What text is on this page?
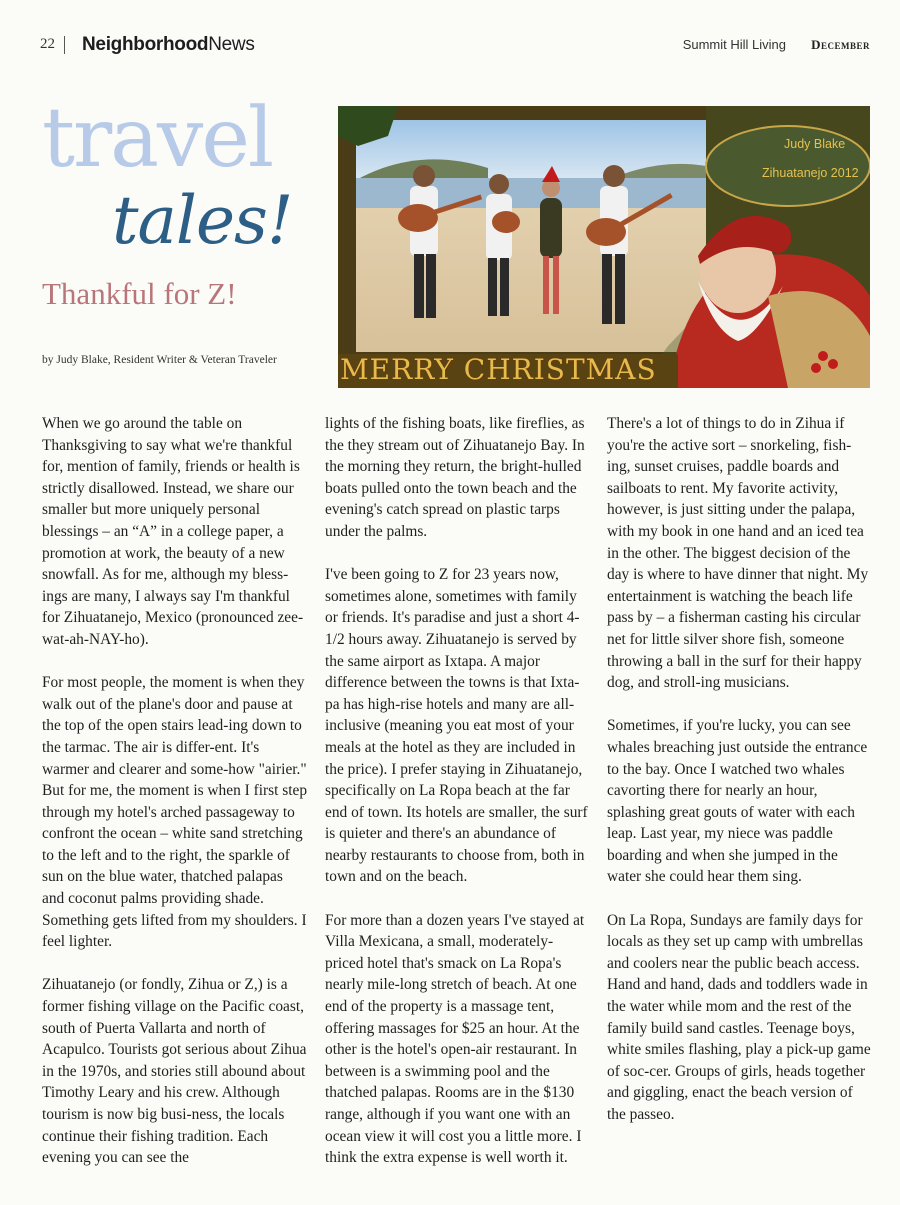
22 NeighborhoodNews	Summit Hill Living December
travel
tales!
Thankful for Z!
by Judy Blake, Resident Writer & Veteran Traveler
Judy Blake
Zihuatanejo 2012
MERRY CHRISTMAS

When we go around the table on Thanksgiving to say what we're thankful for, mention of family, friends or health is strictly disallowed. Instead, we share our smaller but more uniquely personal blessings – an “A” in a college paper, a promotion at work, the beauty of a new snowfall. As for me, although my bless-ings are many, I always say I'm thankful for Zihuatanejo, Mexico (pronounced zee-wat-ah-NAY-ho).

For most people, the moment is when they walk out of the plane's door and pause at the top of the open stairs lead-ing down to the tarmac. The air is differ-ent. It's warmer and clearer and some-how "airier." But for me, the moment is when I first step through my hotel's arched passageway to confront the ocean – white sand stretching to the left and to the right, the sparkle of sun on the blue water, thatched palapas and coconut palms providing shade. Something gets lifted from my shoulders. I feel lighter.

Zihuatanejo (or fondly, Zihua or Z,) is a former fishing village on the Pacific coast, south of Puerta Vallarta and north of Acapulco. Tourists got serious about Zihua in the 1970s, and stories still abound about Timothy Leary and his crew. Although tourism is now big busi-ness, the locals continue their fishing tradition. Each evening you can see the

lights of the fishing boats, like fireflies, as the they stream out of Zihuatanejo Bay. In the morning they return, the bright-hulled boats pulled onto the town beach and the evening's catch spread on plastic tarps under the palms.

I've been going to Z for 23 years now, sometimes alone, sometimes with family or friends. It's paradise and just a short 4-1/2 hours away. Zihuatanejo is served by the same airport as Ixtapa. A major difference between the towns is that Ixta-pa has high-rise hotels and many are all-inclusive (meaning you eat most of your meals at the hotel as they are included in the price). I prefer staying in Zihuatanejo, specifically on La Ropa beach at the far end of town. Its hotels are smaller, the surf is quieter and there's an abundance of nearby restaurants to choose from, both in town and on the beach.

For more than a dozen years I've stayed at Villa Mexicana, a small, moderately-priced hotel that's smack on La Ropa's nearly mile-long stretch of beach. At one end of the property is a massage tent, offering massages for $25 an hour. At the other is the hotel's open-air restaurant. In between is a swimming pool and the thatched palapas. Rooms are in the $130 range, although if you want one with an ocean view it will cost you a little more. I think the extra expense is well worth it.

There's a lot of things to do in Zihua if you're the active sort – snorkeling, fish-ing, sunset cruises, paddle boards and sailboats to rent. My favorite activity, however, is just sitting under the palapa, with my book in one hand and an iced tea in the other. The biggest decision of the day is where to have dinner that night. My entertainment is watching the beach life pass by – a fisherman casting his circular net for little silver shore fish, someone throwing a ball in the surf for their happy dog, and stroll-ing musicians.

Sometimes, if you're lucky, you can see whales breaching just outside the entrance to the bay. Once I watched two whales cavorting there for nearly an hour, splashing great gouts of water with each leap. Last year, my niece was paddle boarding and when she jumped in the water she could hear them sing.

On La Ropa, Sundays are family days for locals as they set up camp with umbrellas and coolers near the public beach access. Hand and hand, dads and toddlers wade in the water while mom and the rest of the family build sand castles. Teenage boys, white smiles flashing, play a pick-up game of soc-cer. Groups of girls, heads together and giggling, enact the beach version of the passeo.
